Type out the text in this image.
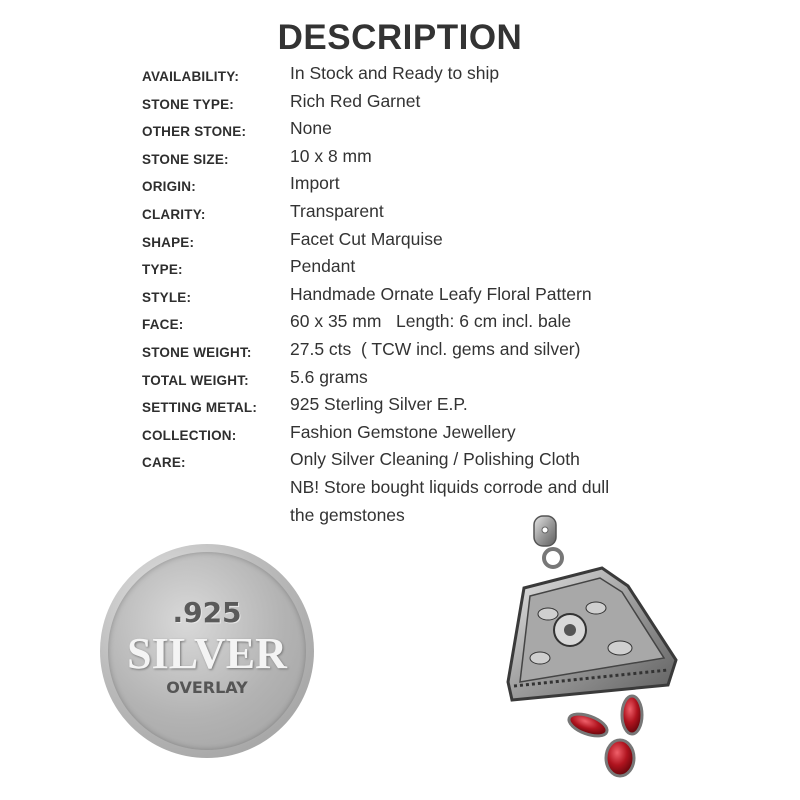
DESCRIPTION
AVAILABILITY:	In Stock and Ready to ship
STONE TYPE:	Rich Red Garnet
OTHER STONE:	None
STONE SIZE:	10 x 8 mm
ORIGIN:	Import
CLARITY:	Transparent
SHAPE:	Facet Cut Marquise
TYPE:	Pendant
STYLE:	Handmade Ornate Leafy Floral Pattern
FACE:	60 x 35 mm   Length: 6 cm incl. bale
STONE WEIGHT: 27.5 cts  ( TCW incl. gems and silver)
TOTAL WEIGHT: 5.6 grams
SETTING METAL: 925 Sterling Silver E.P.
COLLECTION:	Fashion Gemstone Jewellery
CARE:	Only Silver Cleaning / Polishing Cloth
NB! Store bought liquids corrode and dull
the gemstones
.925
SILVER
OVERLAY
